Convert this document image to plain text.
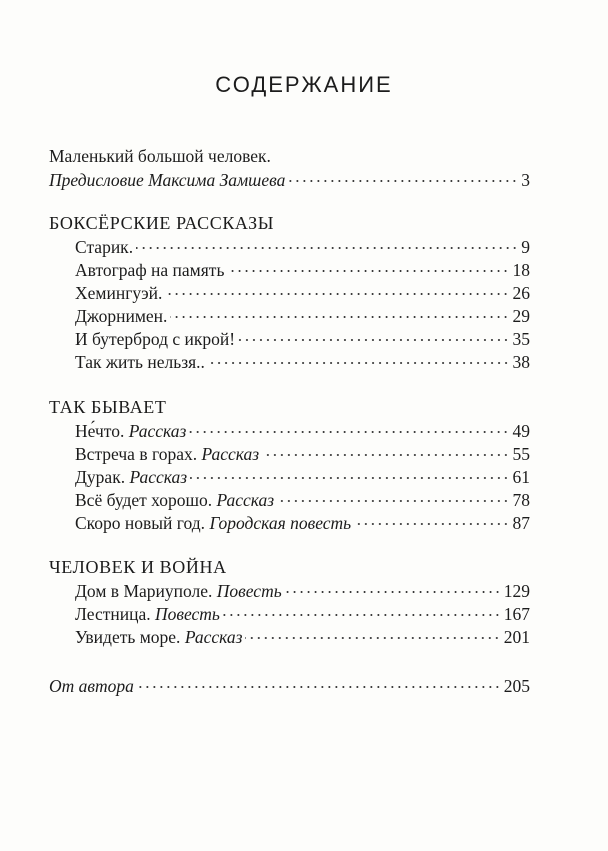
СОДЕРЖАНИЕ
Маленький большой человек.
Предисловие Максима Замшева	3
БОКСЁРСКИЕ РАССКАЗЫ
Старик.	9
Автограф на память	18
Хемингуэй.	26
Джорнимен.	29
И бутерброд с икрой!	35
Так жить нельзя..	38
ТАК БЫВАЕТ
Не́что. Рассказ	49
Встреча в горах. Рассказ	55
Дурак. Рассказ	61
Всё будет хорошо. Рассказ	78
Скоро новый год. Городская повесть	87
ЧЕЛОВЕК И ВОЙНА
Дом в Мариуполе. Повесть	129
Лестница. Повесть	167
Увидеть море. Рассказ	201
От автора	205
